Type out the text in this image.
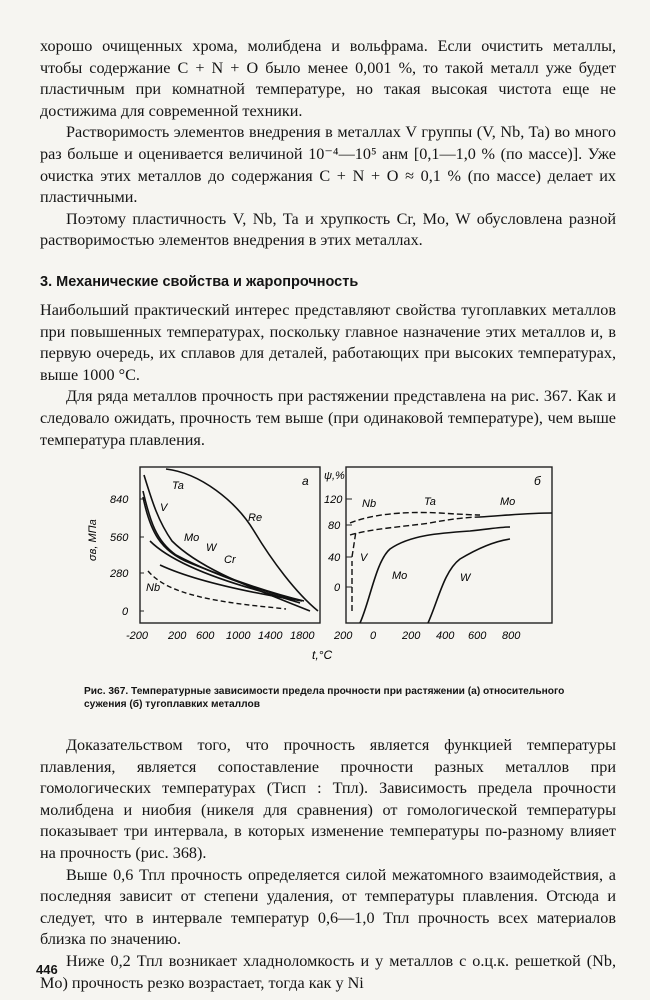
хорошо очищенных хрома, молибдена и вольфрама. Если очистить металлы, чтобы содержание C + N + O было менее 0,001 %, то такой металл уже будет пластичным при комнатной температуре, но такая высокая чистота еще не достижима для современной техники.

Растворимость элементов внедрения в металлах V группы (V, Nb, Ta) во много раз больше и оценивается величиной 10⁻⁴—10⁵ анм [0,1—1,0 % (по массе)]. Уже очистка этих металлов до содержания C + N + O ≈ 0,1 % (по массе) делает их пластичными.

Поэтому пластичность V, Nb, Ta и хрупкость Cr, Mo, W обусловлена разной растворимостью элементов внедрения в этих металлах.

3. Механические свойства и жаропрочность

Наибольший практический интерес представляют свойства тугоплавких металлов при повышенных температурах, поскольку главное назначение этих металлов и, в первую очередь, их сплавов для деталей, работающих при высоких температурах, выше 1000 °С.

Для ряда металлов прочность при растяжении представлена на рис. 367. Как и следовало ожидать, прочность тем выше (при одинаковой температуре), чем выше температура плавления.

840
560
280
0
σв, МПа
ψ,%
120
80
40
0
а	б
Ta
V
Re
Mo
W
Cr
Nb
-200 200 600 1000 1400 1800
Nb	Ta	Mo
V
Mo	W
200 0 200 400 600 800
t,°C
Рис. 367. Температурные зависимости предела прочности при растяжении (а) относительного сужения (б) тугоплавких металлов

Доказательством того, что прочность является функцией температуры плавления, является сопоставление прочности разных металлов при гомологических температурах (Тисп : Тпл). Зависимость предела прочности молибдена и ниобия (никеля для сравнения) от гомологической температуры показывает три интервала, в которых изменение температуры по-разному влияет на прочность (рис. 368).

Выше 0,6 Тпл прочность определяется силой межатомного взаимодействия, а последняя зависит от степени удаления, от температуры плавления. Отсюда и следует, что в интервале температур 0,6—1,0 Тпл прочность всех материалов близка по значению.

Ниже 0,2 Тпл возникает хладноломкость и у металлов с о.ц.к. решеткой (Nb, Mo) прочность резко возрастает, тогда как у Ni

446
